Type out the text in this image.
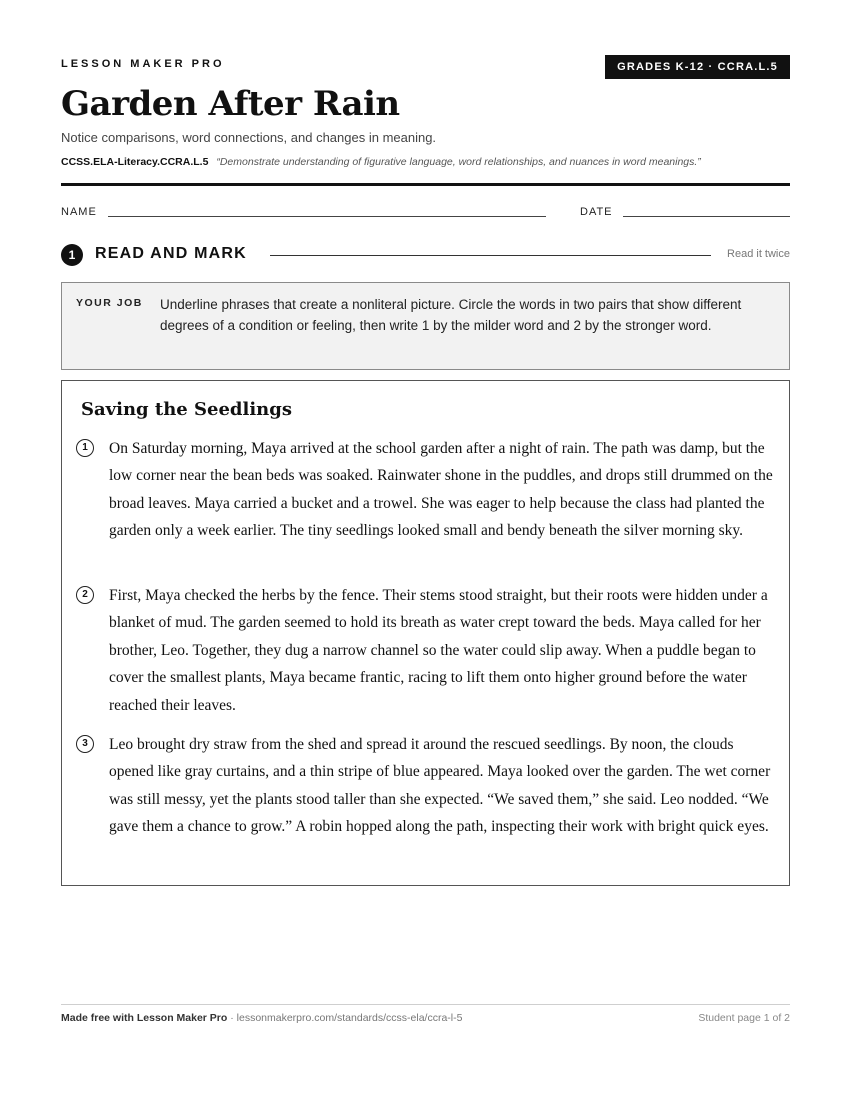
LESSON MAKER PRO	GRADES K-12 · CCRA.L.5
Garden After Rain
Notice comparisons, word connections, and changes in meaning.
CCSS.ELA-Literacy.CCRA.L.5 “Demonstrate understanding of figurative language, word relationships, and nuances in word meanings.”
NAME	DATE
1	READ AND MARK	Read it twice
YOUR JOB Underline phrases that create a nonliteral picture. Circle the words in two pairs that show different degrees of a condition or feeling, then write 1 by the milder word and 2 by the stronger word.
Saving the Seedlings
1	On Saturday morning, Maya arrived at the school garden after a night of rain. The path was damp, but the low corner near the bean beds was soaked. Rainwater shone in the puddles, and drops still drummed on the broad leaves. Maya carried a bucket and a trowel. She was eager to help because the class had planted the garden only a week earlier. The tiny seedlings looked small and bendy beneath the silver morning sky.

2	First, Maya checked the herbs by the fence. Their stems stood straight, but their roots were hidden under a blanket of mud. The garden seemed to hold its breath as water crept toward the beds. Maya called for her brother, Leo. Together, they dug a narrow channel so the water could slip away. When a puddle began to cover the smallest plants, Maya became frantic, racing to lift them onto higher ground before the water reached their leaves.

3	Leo brought dry straw from the shed and spread it around the rescued seedlings. By noon, the clouds opened like gray curtains, and a thin stripe of blue appeared. Maya looked over the garden. The wet corner was still messy, yet the plants stood taller than she expected. “We saved them,” she said. Leo nodded. “We gave them a chance to grow.” A robin hopped along the path, inspecting their work with bright quick eyes.

Made free with Lesson Maker Pro · lessonmakerpro.com/standards/ccss-ela/ccra-l-5	Student page 1 of 2
